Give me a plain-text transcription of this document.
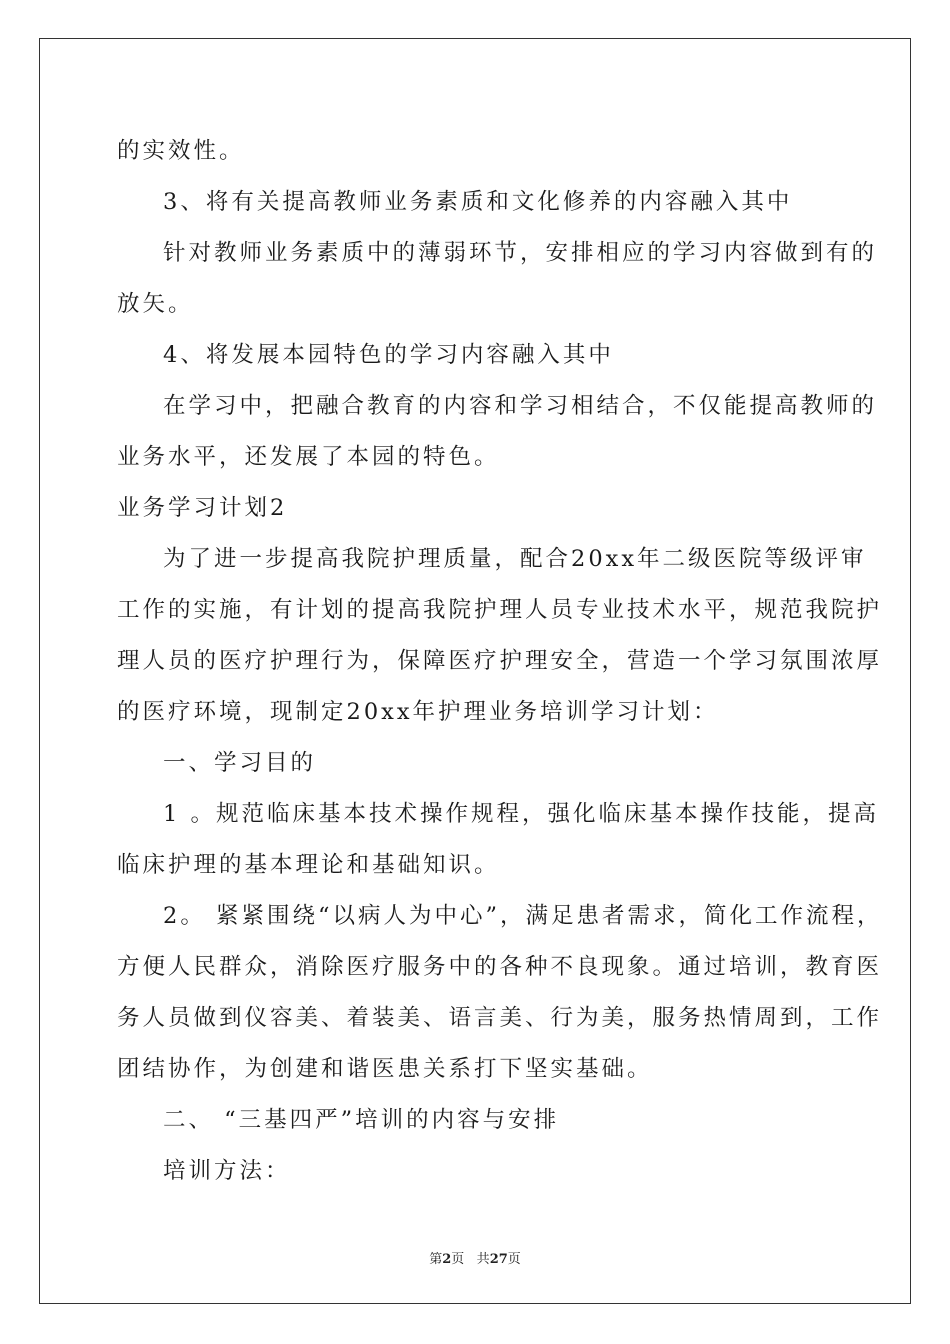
的实效性。
3、将有关提高教师业务素质和文化修养的内容融入其中
针对教师业务素质中的薄弱环节，安排相应的学习内容做到有的
放矢。
4、将发展本园特色的学习内容融入其中
在学习中，把融合教育的内容和学习相结合，不仅能提高教师的
业务水平，还发展了本园的特色。
业务学习计划2
为了进一步提高我院护理质量，配合20xx年二级医院等级评审
工作的实施，有计划的提高我院护理人员专业技术水平，规范我院护
理人员的医疗护理行为，保障医疗护理安全，营造一个学习氛围浓厚
的医疗环境，现制定20xx年护理业务培训学习计划：
一、学习目的
1 。规范临床基本技术操作规程，强化临床基本操作技能，提高
临床护理的基本理论和基础知识。
2。 紧紧围绕“以病人为中心”，满足患者需求，简化工作流程，
方便人民群众，消除医疗服务中的各种不良现象。通过培训，教育医
务人员做到仪容美、着装美、语言美、行为美，服务热情周到，工作
团结协作，为创建和谐医患关系打下坚实基础。
二、 “三基四严”培训的内容与安排
培训方法：
第2页 共27页
